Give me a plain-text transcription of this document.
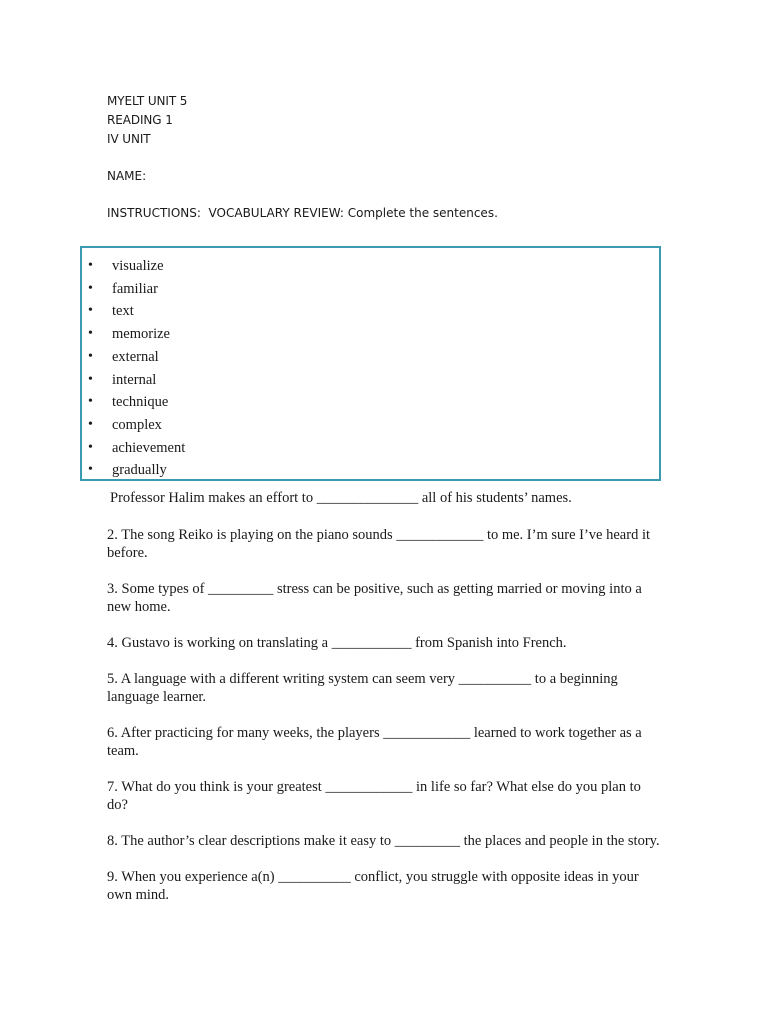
MYELT UNIT 5
READING 1
IV UNIT
NAME:
INSTRUCTIONS:  VOCABULARY REVIEW: Complete the sentences.
• visualize
• familiar
• text
• memorize
• external
• internal
• technique
• complex
• achievement
• gradually

Professor Halim makes an effort to ______________ all of his students’ names.

2. The song Reiko is playing on the piano sounds ____________ to me. I’m sure I’ve heard it before.

3. Some types of _________ stress can be positive, such as getting married or moving into a new home.

4. Gustavo is working on translating a ___________ from Spanish into French.

5. A language with a different writing system can seem very __________ to a beginning language learner.

6. After practicing for many weeks, the players ____________ learned to work together as a team.

7. What do you think is your greatest ____________ in life so far? What else do you plan to do?

8. The author’s clear descriptions make it easy to _________ the places and people in the story.

9. When you experience a(n) __________ conflict, you struggle with opposite ideas in your own mind.
